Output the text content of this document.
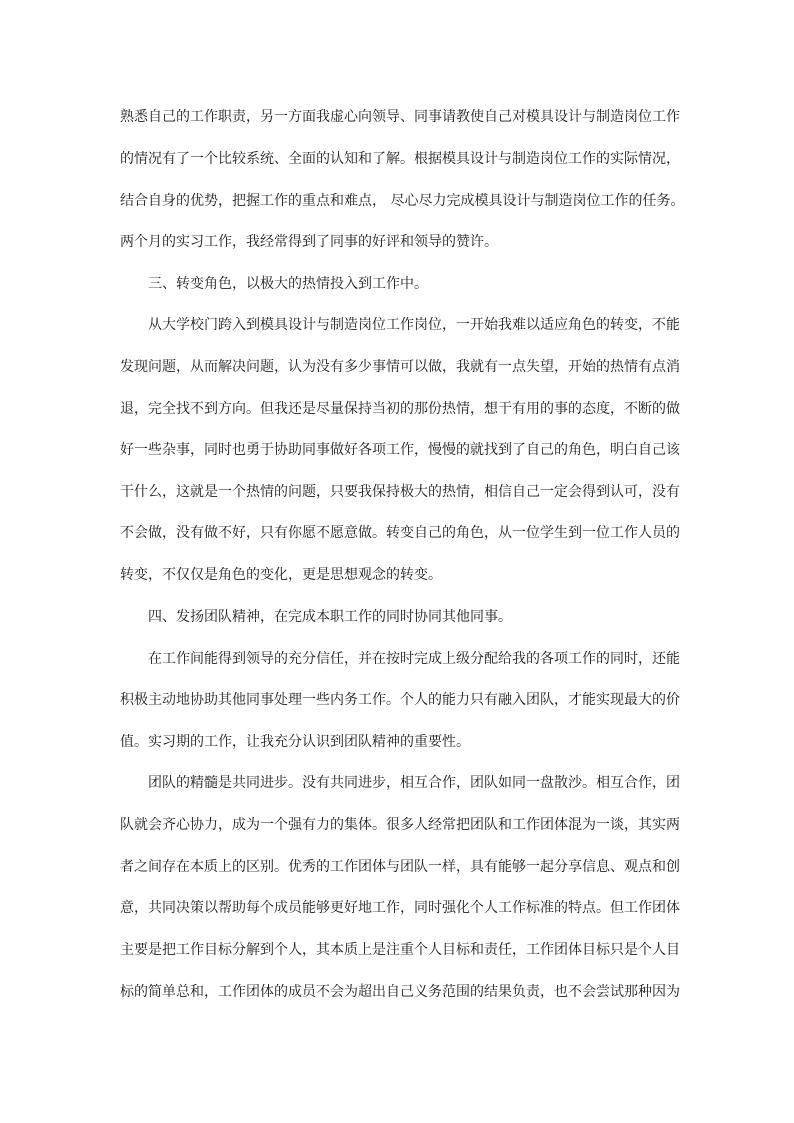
熟悉自己的工作职责，另一方面我虚心向领导、同事请教使自己对模具设计与制造岗位工作
的情况有了一个比较系统、全面的认知和了解。根据模具设计与制造岗位工作的实际情况，
结合自身的优势，把握工作的重点和难点， 尽心尽力完成模具设计与制造岗位工作的任务。
两个月的实习工作，我经常得到了同事的好评和领导的赞许。
三、转变角色，以极大的热情投入到工作中。
从大学校门跨入到模具设计与制造岗位工作岗位，一开始我难以适应角色的转变，不能
发现问题，从而解决问题，认为没有多少事情可以做，我就有一点失望，开始的热情有点消
退，完全找不到方向。但我还是尽量保持当初的那份热情，想干有用的事的态度，不断的做
好一些杂事，同时也勇于协助同事做好各项工作，慢慢的就找到了自己的角色，明白自己该
干什么，这就是一个热情的问题，只要我保持极大的热情，相信自己一定会得到认可，没有
不会做，没有做不好，只有你愿不愿意做。转变自己的角色，从一位学生到一位工作人员的
转变，不仅仅是角色的变化，更是思想观念的转变。
四、发扬团队精神，在完成本职工作的同时协同其他同事。
在工作间能得到领导的充分信任，并在按时完成上级分配给我的各项工作的同时，还能
积极主动地协助其他同事处理一些内务工作。个人的能力只有融入团队，才能实现最大的价
值。实习期的工作，让我充分认识到团队精神的重要性。
团队的精髓是共同进步。没有共同进步，相互合作，团队如同一盘散沙。相互合作，团
队就会齐心协力，成为一个强有力的集体。很多人经常把团队和工作团体混为一谈，其实两
者之间存在本质上的区别。优秀的工作团体与团队一样，具有能够一起分享信息、观点和创
意，共同决策以帮助每个成员能够更好地工作，同时强化个人工作标准的特点。但工作团体
主要是把工作目标分解到个人，其本质上是注重个人目标和责任，工作团体目标只是个人目
标的简单总和，工作团体的成员不会为超出自己义务范围的结果负责，也不会尝试那种因为
